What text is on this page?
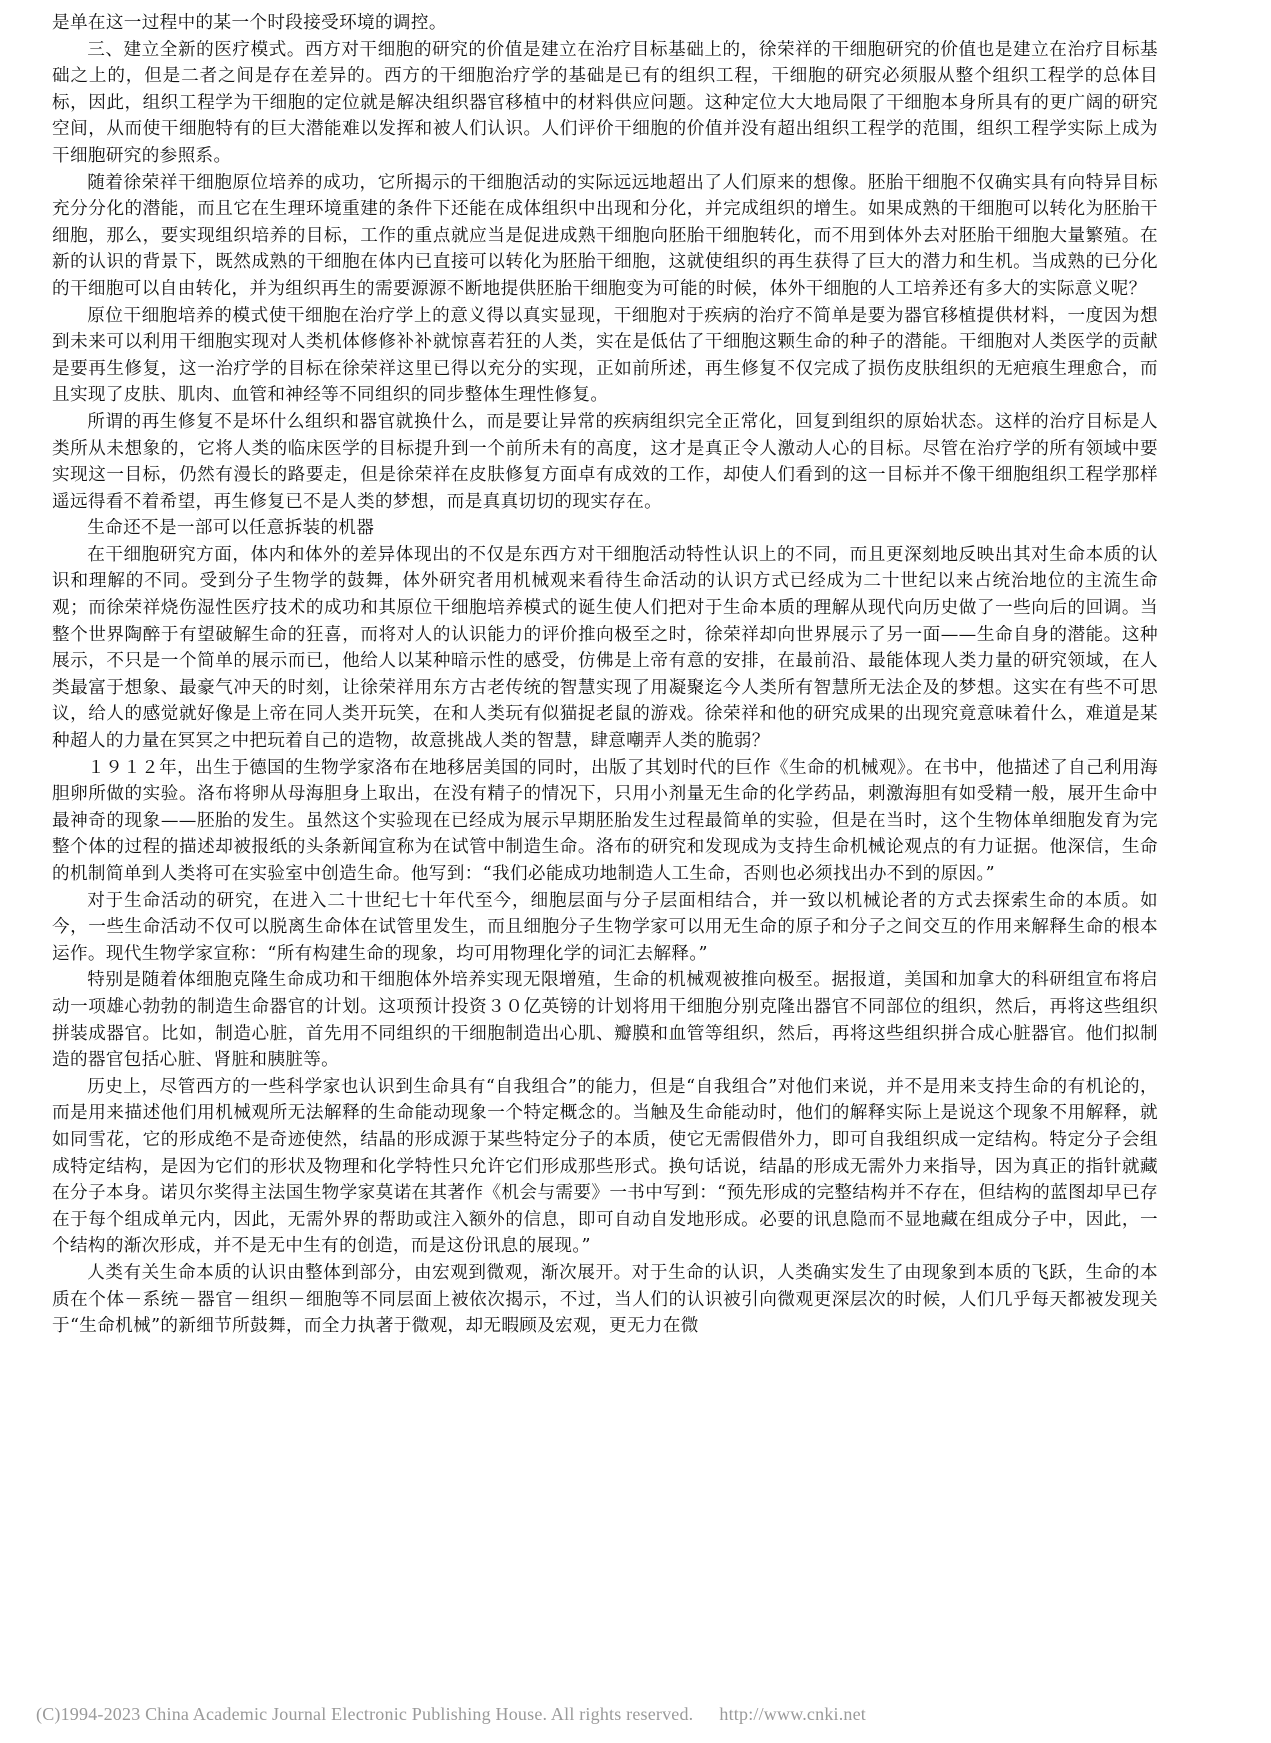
是单在这一过程中的某一个时段接受环境的调控。

三、建立全新的医疗模式。西方对干细胞的研究的价值是建立在治疗目标基础上的，徐荣祥的干细胞研究的价值也是建立在治疗目标基础之上的，但是二者之间是存在差异的。西方的干细胞治疗学的基础是已有的组织工程，干细胞的研究必须服从整个组织工程学的总体目标，因此，组织工程学为干细胞的定位就是解决组织器官移植中的材料供应问题。这种定位大大地局限了干细胞本身所具有的更广阔的研究空间，从而使干细胞特有的巨大潜能难以发挥和被人们认识。人们评价干细胞的价值并没有超出组织工程学的范围，组织工程学实际上成为干细胞研究的参照系。

随着徐荣祥干细胞原位培养的成功，它所揭示的干细胞活动的实际远远地超出了人们原来的想像。胚胎干细胞不仅确实具有向特异目标充分分化的潜能，而且它在生理环境重建的条件下还能在成体组织中出现和分化，并完成组织的增生。如果成熟的干细胞可以转化为胚胎干细胞，那么，要实现组织培养的目标，工作的重点就应当是促进成熟干细胞向胚胎干细胞转化，而不用到体外去对胚胎干细胞大量繁殖。在新的认识的背景下，既然成熟的干细胞在体内已直接可以转化为胚胎干细胞，这就使组织的再生获得了巨大的潜力和生机。当成熟的已分化的干细胞可以自由转化，并为组织再生的需要源源不断地提供胚胎干细胞变为可能的时候，体外干细胞的人工培养还有多大的实际意义呢？

原位干细胞培养的模式使干细胞在治疗学上的意义得以真实显现，干细胞对于疾病的治疗不简单是要为器官移植提供材料，一度因为想到未来可以利用干细胞实现对人类机体修修补补就惊喜若狂的人类，实在是低估了干细胞这颗生命的种子的潜能。干细胞对人类医学的贡献是要再生修复，这一治疗学的目标在徐荣祥这里已得以充分的实现，正如前所述，再生修复不仅完成了损伤皮肤组织的无疤痕生理愈合，而且实现了皮肤、肌肉、血管和神经等不同组织的同步整体生理性修复。

所谓的再生修复不是坏什么组织和器官就换什么，而是要让异常的疾病组织完全正常化，回复到组织的原始状态。这样的治疗目标是人类所从未想象的，它将人类的临床医学的目标提升到一个前所未有的高度，这才是真正令人激动人心的目标。尽管在治疗学的所有领域中要实现这一目标，仍然有漫长的路要走，但是徐荣祥在皮肤修复方面卓有成效的工作，却使人们看到的这一目标并不像干细胞组织工程学那样遥远得看不着希望，再生修复已不是人类的梦想，而是真真切切的现实存在。

生命还不是一部可以任意拆装的机器

在干细胞研究方面，体内和体外的差异体现出的不仅是东西方对干细胞活动特性认识上的不同，而且更深刻地反映出其对生命本质的认识和理解的不同。受到分子生物学的鼓舞，体外研究者用机械观来看待生命活动的认识方式已经成为二十世纪以来占统治地位的主流生命观；而徐荣祥烧伤湿性医疗技术的成功和其原位干细胞培养模式的诞生使人们把对于生命本质的理解从现代向历史做了一些向后的回调。当整个世界陶醉于有望破解生命的狂喜，而将对人的认识能力的评价推向极至之时，徐荣祥却向世界展示了另一面——生命自身的潜能。这种展示，不只是一个简单的展示而已，他给人以某种暗示性的感受，仿佛是上帝有意的安排，在最前沿、最能体现人类力量的研究领域，在人类最富于想象、最豪气冲天的时刻，让徐荣祥用东方古老传统的智慧实现了用凝聚迄今人类所有智慧所无法企及的梦想。这实在有些不可思议，给人的感觉就好像是上帝在同人类开玩笑，在和人类玩有似猫捉老鼠的游戏。徐荣祥和他的研究成果的出现究竟意味着什么，难道是某种超人的力量在冥冥之中把玩着自己的造物，故意挑战人类的智慧，肆意嘲弄人类的脆弱？

１９１２年，出生于德国的生物学家洛布在地移居美国的同时，出版了其划时代的巨作《生命的机械观》。在书中，他描述了自己利用海胆卵所做的实验。洛布将卵从母海胆身上取出，在没有精子的情况下，只用小剂量无生命的化学药品，刺激海胆有如受精一般，展开生命中最神奇的现象——胚胎的发生。虽然这个实验现在已经成为展示早期胚胎发生过程最简单的实验，但是在当时，这个生物体单细胞发育为完整个体的过程的描述却被报纸的头条新闻宣称为在试管中制造生命。洛布的研究和发现成为支持生命机械论观点的有力证据。他深信，生命的机制简单到人类将可在实验室中创造生命。他写到：“我们必能成功地制造人工生命，否则也必须找出办不到的原因。”

对于生命活动的研究，在进入二十世纪七十年代至今，细胞层面与分子层面相结合，并一致以机械论者的方式去探索生命的本质。如今，一些生命活动不仅可以脱离生命体在试管里发生，而且细胞分子生物学家可以用无生命的原子和分子之间交互的作用来解释生命的根本运作。现代生物学家宣称：“所有构建生命的现象，均可用物理化学的词汇去解释。”

特别是随着体细胞克隆生命成功和干细胞体外培养实现无限增殖，生命的机械观被推向极至。据报道，美国和加拿大的科研组宣布将启动一项雄心勃勃的制造生命器官的计划。这项预计投资３０亿英镑的计划将用干细胞分别克隆出器官不同部位的组织，然后，再将这些组织拼装成器官。比如，制造心脏，首先用不同组织的干细胞制造出心肌、瓣膜和血管等组织，然后，再将这些组织拼合成心脏器官。他们拟制造的器官包括心脏、肾脏和胰脏等。

历史上，尽管西方的一些科学家也认识到生命具有“自我组合”的能力，但是“自我组合”对他们来说，并不是用来支持生命的有机论的，而是用来描述他们用机械观所无法解释的生命能动现象一个特定概念的。当触及生命能动时，他们的解释实际上是说这个现象不用解释，就如同雪花，它的形成绝不是奇迹使然，结晶的形成源于某些特定分子的本质，使它无需假借外力，即可自我组织成一定结构。特定分子会组成特定结构，是因为它们的形状及物理和化学特性只允许它们形成那些形式。换句话说，结晶的形成无需外力来指导，因为真正的指针就藏在分子本身。诺贝尔奖得主法国生物学家莫诺在其著作《机会与需要》一书中写到：“预先形成的完整结构并不存在，但结构的蓝图却早已存在于每个组成单元内，因此，无需外界的帮助或注入额外的信息，即可自动自发地形成。必要的讯息隐而不显地藏在组成分子中，因此，一个结构的渐次形成，并不是无中生有的创造，而是这份讯息的展现。”

人类有关生命本质的认识由整体到部分，由宏观到微观，渐次展开。对于生命的认识，人类确实发生了由现象到本质的飞跃，生命的本质在个体－系统－器官－组织－细胞等不同层面上被依次揭示，不过，当人们的认识被引向微观更深层次的时候，人们几乎每天都被发现关于“生命机械”的新细节所鼓舞，而全力执著于微观，却无暇顾及宏观，更无力在微

(C)1994-2023 China Academic Journal Electronic Publishing House. All rights reserved. http://www.cnki.net
